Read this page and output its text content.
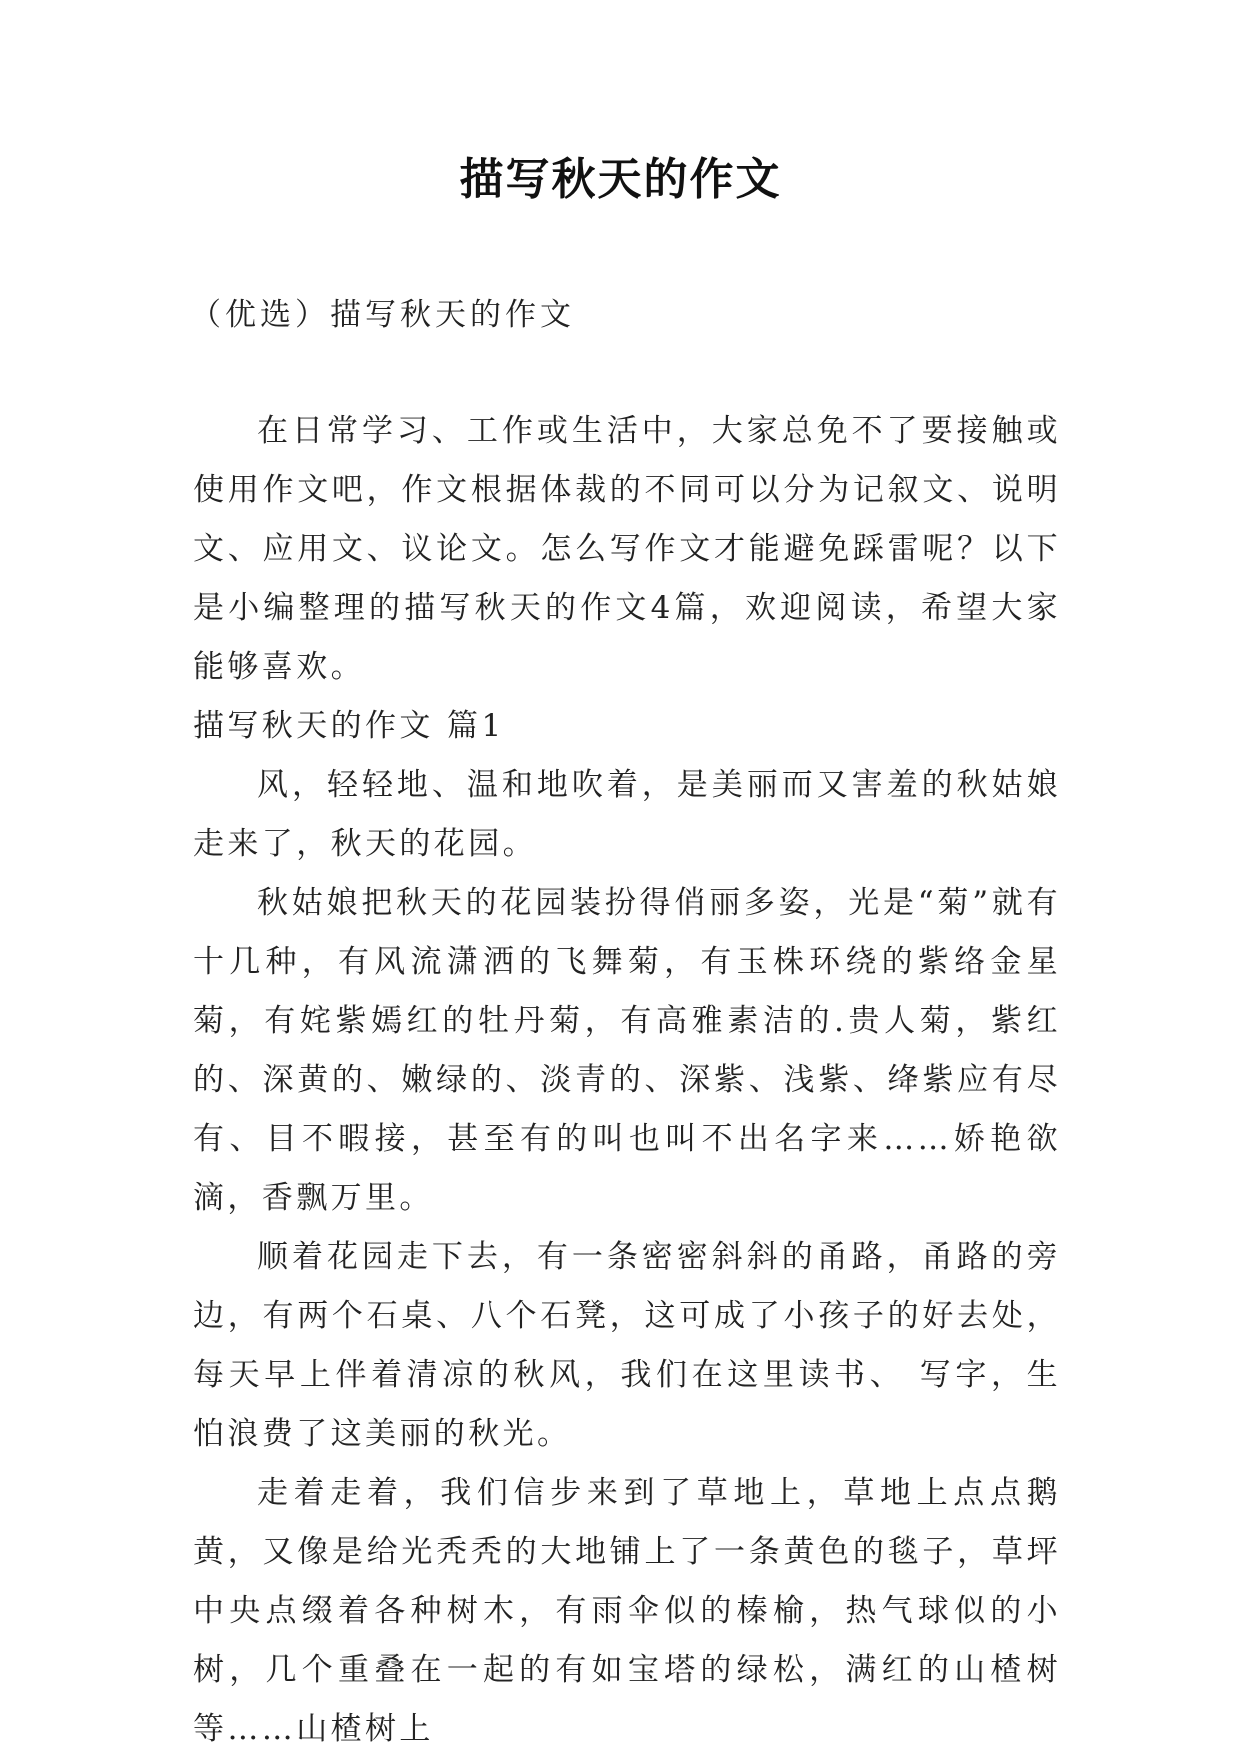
描写秋天的作文

（优选）描写秋天的作文

在日常学习、工作或生活中，大家总免不了要接触或使用作文吧，作文根据体裁的不同可以分为记叙文、说明文、应用文、议论文。怎么写作文才能避免踩雷呢？以下是小编整理的描写秋天的作文4篇，欢迎阅读，希望大家能够喜欢。

描写秋天的作文 篇1

风，轻轻地、温和地吹着，是美丽而又害羞的秋姑娘走来了，秋天的花园。

秋姑娘把秋天的花园装扮得俏丽多姿，光是“菊”就有十几种，有风流潇洒的飞舞菊，有玉株环绕的紫络金星菊，有姹紫嫣红的牡丹菊，有高雅素洁的.贵人菊，紫红的、深黄的、嫩绿的、淡青的、深紫、浅紫、绛紫应有尽有、目不暇接，甚至有的叫也叫不出名字来……娇艳欲滴，香飘万里。

顺着花园走下去，有一条密密斜斜的甬路，甬路的旁边，有两个石桌、八个石凳，这可成了小孩子的好去处，每天早上伴着清凉的秋风，我们在这里读书、 写字，生怕浪费了这美丽的秋光。

走着走着，我们信步来到了草地上，草地上点点鹅黄，又像是给光秃秃的大地铺上了一条黄色的毯子，草坪中央点缀着各种树木，有雨伞似的榛榆，热气球似的小树，几个重叠在一起的有如宝塔的绿松，满红的山楂树等……山楂树上
